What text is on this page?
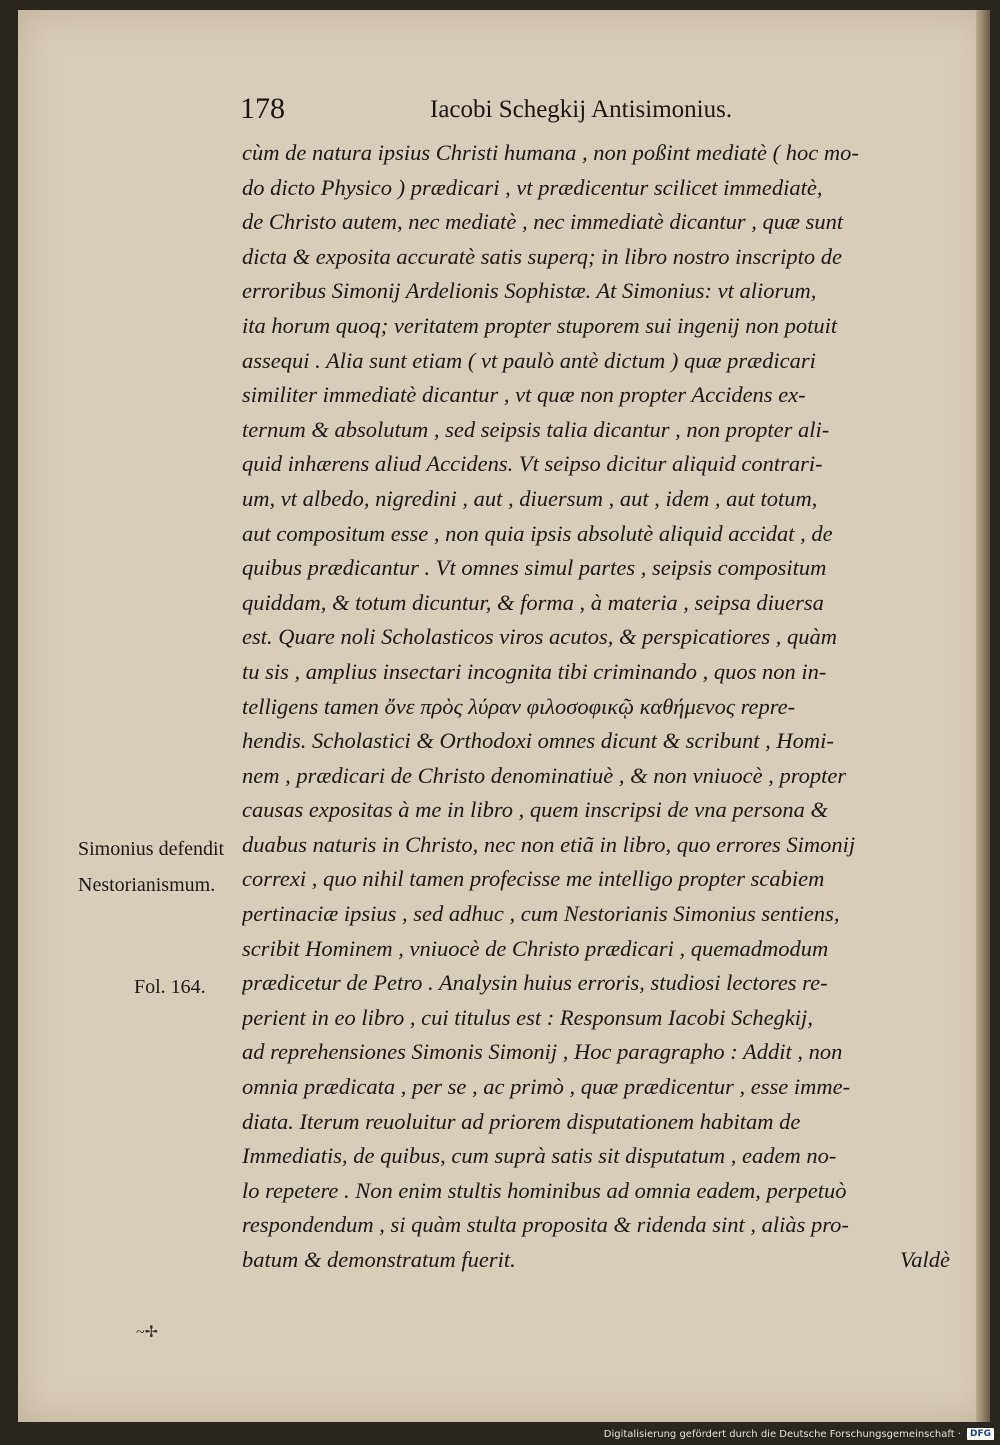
178	Iacobi Schegkij Antisimonius.
cùm de natura ipsius Christi humana , non poßint mediatè ( hoc mo-
do dicto Physico ) prædicari , vt prædicentur scilicet immediatè,
de Christo autem, nec mediatè , nec immediatè dicantur , quæ sunt
dicta & exposita accuratè satis superq; in libro nostro inscripto de
erroribus Simonij Ardelionis Sophistæ. At Simonius: vt aliorum,
ita horum quoq; veritatem propter stuporem sui ingenij non potuit
assequi . Alia sunt etiam ( vt paulò antè dictum ) quæ prædicari
similiter immediatè dicantur , vt quæ non propter Accidens ex-
ternum & absolutum , sed seipsis talia dicantur , non propter ali-
quid inhærens aliud Accidens. Vt seipso dicitur aliquid contrari-
um, vt albedo, nigredini , aut , diuersum , aut , idem , aut totum,
aut compositum esse , non quia ipsis absolutè aliquid accidat , de
quibus prædicantur . Vt omnes simul partes , seipsis compositum
quiddam, & totum dicuntur, & forma , à materia , seipsa diuersa
est. Quare noli Scholasticos viros acutos, & perspicatiores , quàm
tu sis , amplius insectari incognita tibi criminando , quos non in-
telligens tamen ὄνε πρὸς λύραν φιλοσοφικῷ καθήμενος repre-
hendis. Scholastici & Orthodoxi omnes dicunt & scribunt , Homi-
nem , prædicari de Christo denominatiuè , & non vniuocè , propter
causas expositas à me in libro , quem inscripsi de vna persona &
duabus naturis in Christo, nec non etiã in libro, quo errores Simonij
correxi , quo nihil tamen profecisse me intelligo propter scabiem
pertinaciæ ipsius , sed adhuc , cum Nestorianis Simonius sentiens,
scribit Hominem , vniuocè de Christo prædicari , quemadmodum
prædicetur de Petro . Analysin huius erroris, studiosi lectores re-
perient in eo libro , cui titulus est : Responsum Iacobi Schegkij,
ad reprehensiones Simonis Simonij , Hoc paragrapho : Addit , non
omnia prædicata , per se , ac primò , quæ prædicentur , esse imme-
diata. Iterum reuoluitur ad priorem disputationem habitam de
Immediatis, de quibus, cum suprà satis sit disputatum , eadem no-
lo repetere . Non enim stultis hominibus ad omnia eadem, perpetuò
respondendum , si quàm stulta proposita & ridenda sint , aliàs pro-
batum & demonstratum fuerit.	Valdè
Simonius defendit
Nestorianismum.
Fol. 164.
~✢
Digitalisierung gefördert durch die Deutsche Forschungsgemeinschaft ·	DFG
